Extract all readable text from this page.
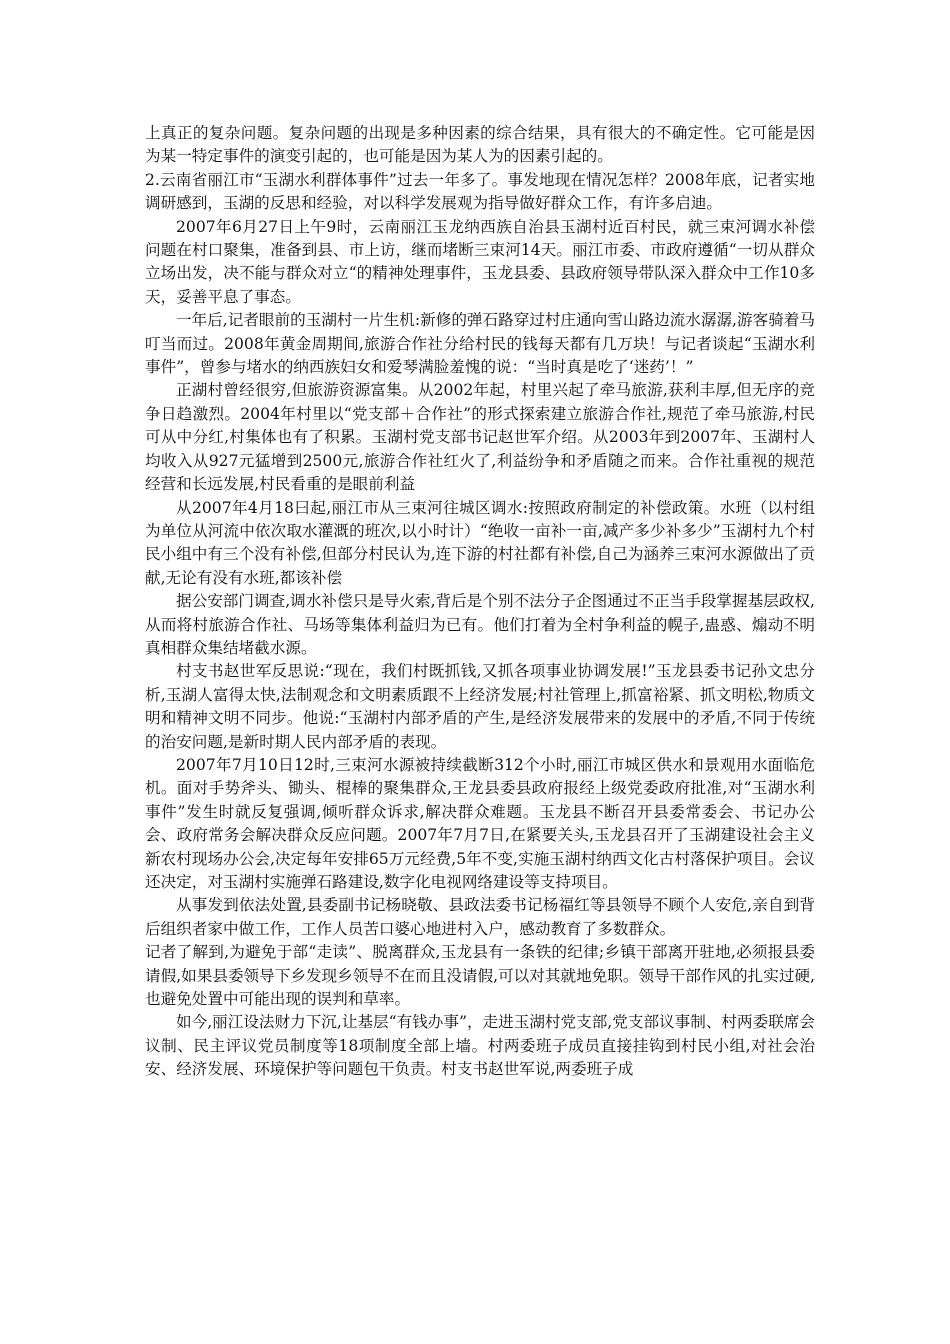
上真正的复杂问题。复杂问题的出现是多种因素的综合结果，具有很大的不确定性。它可能是因为某一特定事件的演变引起的，也可能是因为某人为的因素引起的。

2.云南省丽江市“玉湖水利群体事件”过去一年多了。事发地现在情况怎样？2008年底，记者实地调研感到，玉湖的反思和经验，对以科学发展观为指导做好群众工作，有许多启迪。

2007年6月27日上午9时，云南丽江玉龙纳西族自治县玉湖村近百村民，就三束河调水补偿问题在村口聚集，准备到县、市上访，继而堵断三束河14天。丽江市委、市政府遵循“一切从群众立场出发，决不能与群众对立“的精神处理事件，玉龙县委、县政府领导带队深入群众中工作10多天，妥善平息了事态。

一年后,记者眼前的玉湖村一片生机:新修的弹石路穿过村庄通向雪山路边流水潺潺,游客骑着马叮当而过。2008年黄金周期间,旅游合作社分给村民的钱每天都有几万块！与记者谈起“玉湖水利事件”，曾参与堵水的纳西族妇女和爱琴满脸羞愧的说：“当时真是吃了‘迷药’！”

正湖村曾经很穷,但旅游资源富集。从2002年起，村里兴起了牵马旅游,获利丰厚,但无序的竞争日趋激烈。2004年村里以“党支部＋合作社”的形式探索建立旅游合作社,规范了牵马旅游,村民可从中分红,村集体也有了积累。玉湖村党支部书记赵世军介绍。从2003年到2007年、玉湖村人均收入从927元猛增到2500元,旅游合作社红火了,利益纷争和矛盾随之而来。合作社重视的规范经营和长远发展,村民看重的是眼前利益

从2007年4月18曰起,丽江市从三束河往城区调水:按照政府制定的补偿政策。水班（以村组为单位从河流中依次取水灌溉的班次,以小时计）“绝收一亩补一亩,减产多少补多少”玉湖村九个村民小组中有三个没有补偿,但部分村民认为,连下游的村社都有补偿,自己为涵养三束河水源做出了贡献,无论有没有水班,都该补偿

据公安部门调查,调水补偿只是导火索,背后是个别不法分子企图通过不正当手段掌握基层政权,从而将村旅游合作社、马场等集体利益归为已有。他们打着为全村争利益的幌子,蛊惑、煽动不明真相群众集结堵截水源。

村支书赵世军反思说:“现在，我们村既抓钱,又抓各项事业协调发展!”玉龙县委书记孙文忠分析,玉湖人富得太快,法制观念和文明素质跟不上经济发展;村社管理上,抓富裕紧、抓文明松,物质文明和精神文明不同步。他说:“玉湖村内部矛盾的产生,是经济发展带来的发展中的矛盾,不同于传统的治安问题,是新时期人民内部矛盾的表现。

2007年7月10日12时,三束河水源被持续截断312个小时,丽江市城区供水和景观用水面临危机。面对手势斧头、锄头、棍棒的聚集群众,王龙县委县政府报经上级党委政府批准,对“玉湖水利事件”发生时就反复强调,倾听群众诉求,解决群众难题。玉龙县不断召开县委常委会、书记办公会、政府常务会解决群众反应问题。2007年7月7日,在紧要关头,玉龙县召开了玉湖建设社会主义新农村现场办公会,决定每年安排65万元经费,5年不变,实施玉湖村纳西文化古村落保护项目。会议还决定，对玉湖村实施弹石路建设,数字化电视网络建设等支持项目。

从事发到依法处置,县委副书记杨晓敬、县政法委书记杨福红等县领导不顾个人安危,亲自到背后组织者家中做工作，工作人员苦口婆心地进村入户，感动教育了多数群众。

记者了解到,为避免于部“走读”、脱离群众,玉龙县有一条铁的纪律;乡镇干部离开驻地,必须报县委请假,如果县委领导下乡发现乡领导不在而且没请假,可以对其就地免职。领导干部作风的扎实过硬,也避免处置中可能出现的误判和草率。

如今,丽江设法财力下沉,让基层“有钱办事”，走进玉湖村党支部,党支部议事制、村两委联席会议制、民主评议党员制度等18项制度全部上墙。村两委班子成员直接挂钩到村民小组,对社会治安、经济发展、环境保护等问题包干负责。村支书赵世军说,两委班子成
